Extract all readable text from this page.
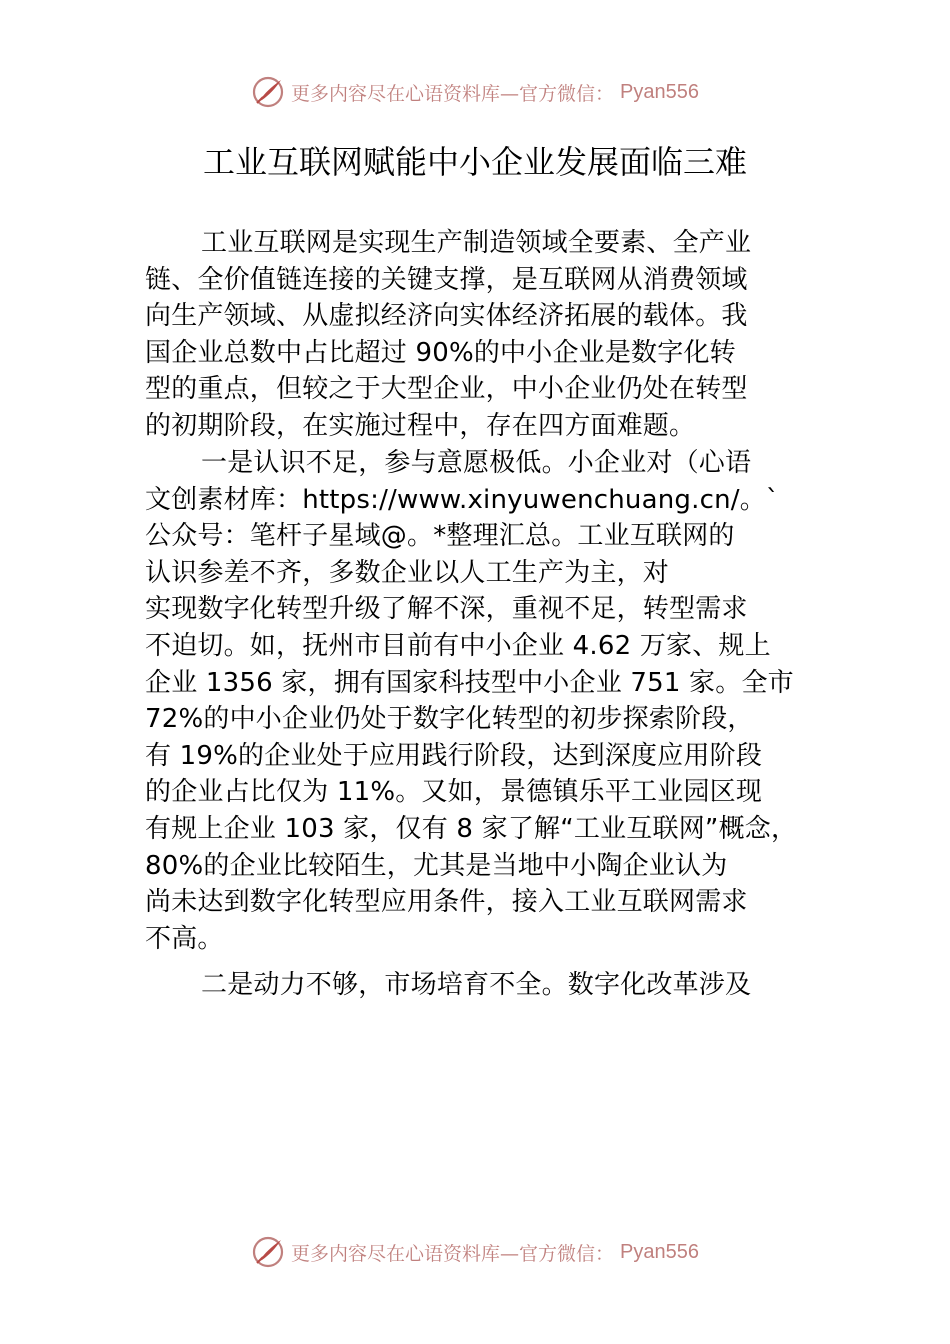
更多内容尽在心语资料库—官方微信： Pyan556
工业互联网赋能中小企业发展面临三难
工业互联网是实现生产制造领域全要素、全产业
链、全价值链连接的关键支撑，是互联网从消费领域
向生产领域、从虚拟经济向实体经济拓展的载体。我
国企业总数中占比超过 90%的中小企业是数字化转
型的重点，但较之于大型企业，中小企业仍处在转型
的初期阶段，在实施过程中，存在四方面难题。
一是认识不足，参与意愿极低。小企业对（心语
文创素材库：https://www.xinyuwenchuang.cn/。`
公众号：笔杆子星域@。*整理汇总。工业互联网的
认识参差不齐，多数企业以人工生产为主，对
实现数字化转型升级了解不深，重视不足，转型需求
不迫切。如，抚州市目前有中小企业 4.62 万家、规上
企业 1356 家，拥有国家科技型中小企业 751 家。全市
72%的中小企业仍处于数字化转型的初步探索阶段，
有 19%的企业处于应用践行阶段，达到深度应用阶段
的企业占比仅为 11%。又如，景德镇乐平工业园区现
有规上企业 103 家，仅有 8 家了解“工业互联网”概念，
80%的企业比较陌生，尤其是当地中小陶企业认为
尚未达到数字化转型应用条件，接入工业互联网需求
不高。
二是动力不够，市场培育不全。数字化改革涉及
更多内容尽在心语资料库—官方微信： Pyan556
